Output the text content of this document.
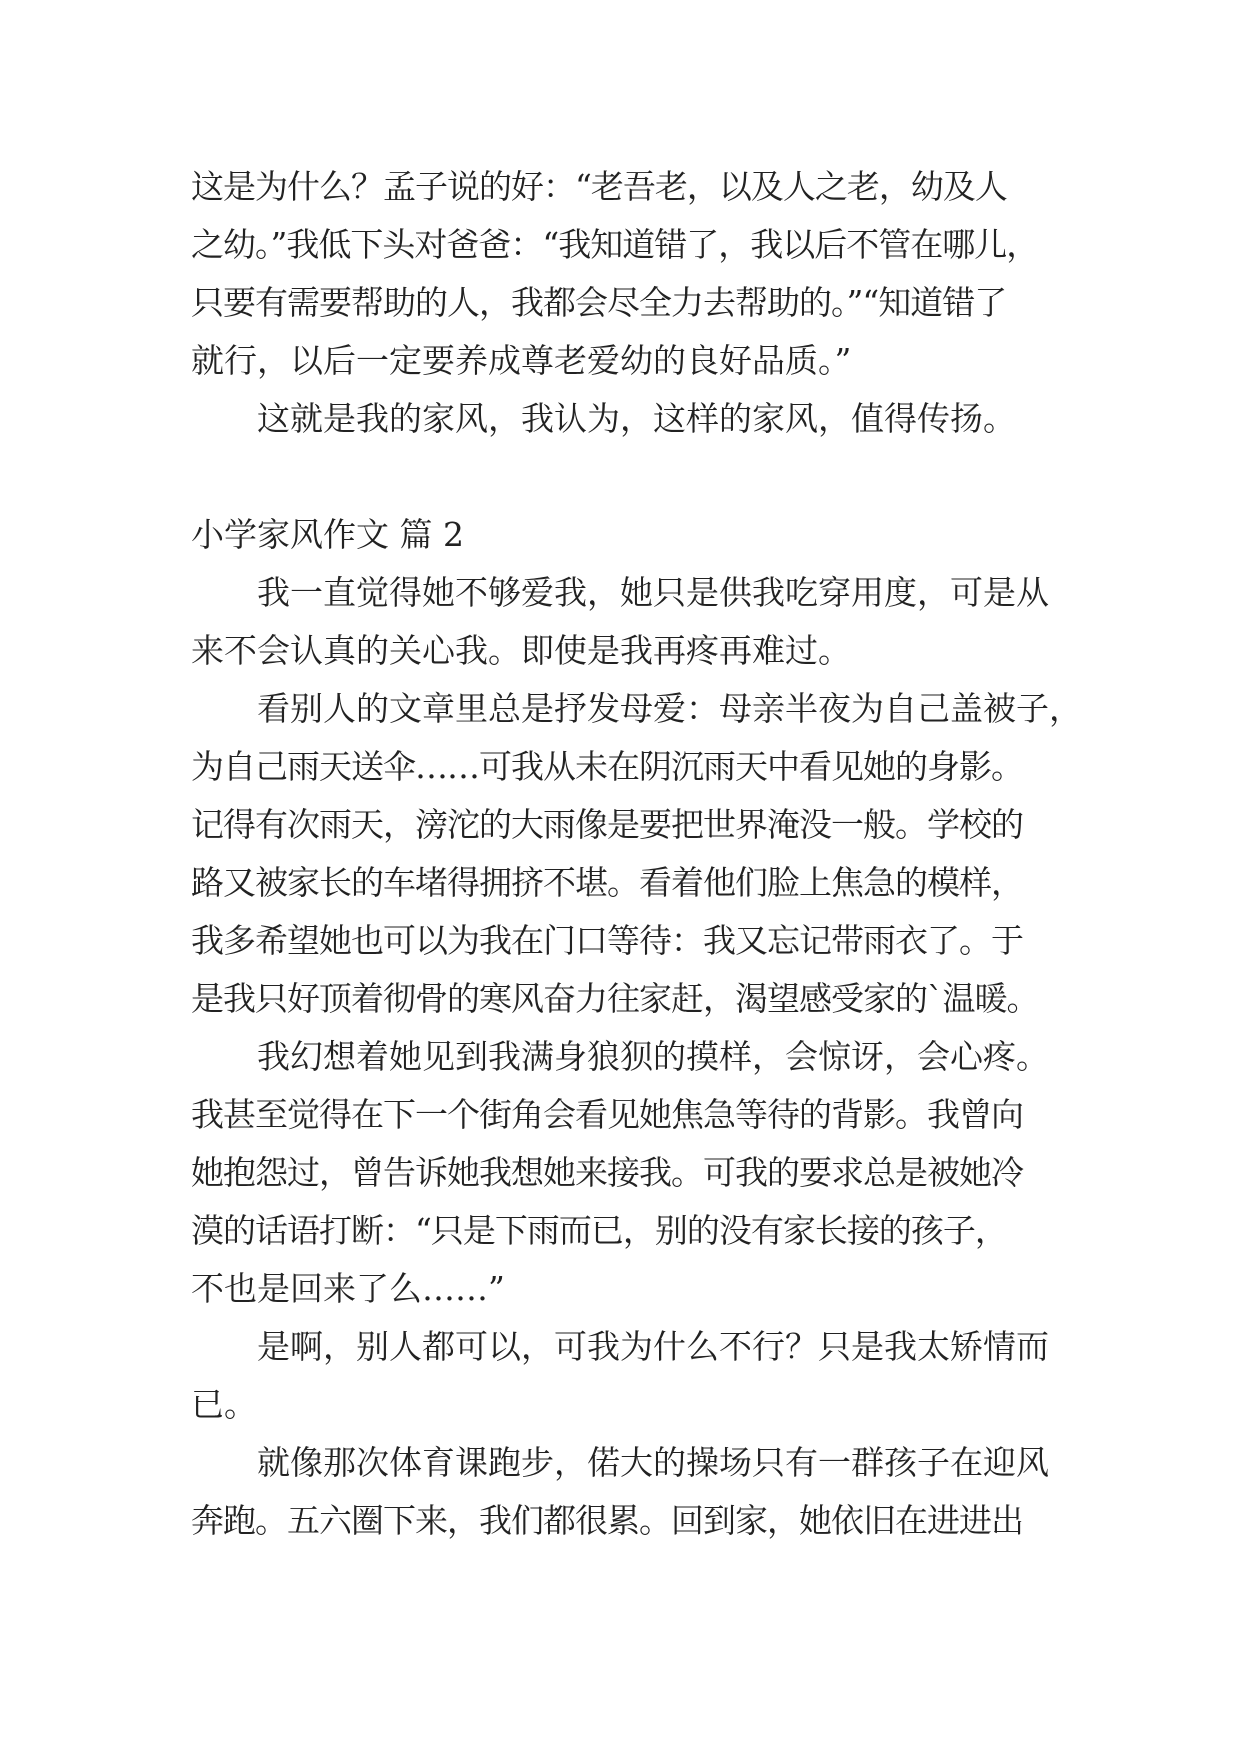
这是为什么？孟子说的好：“老吾老，以及人之老，幼及人
之幼。”我低下头对爸爸：“我知道错了，我以后不管在哪儿，
只要有需要帮助的人，我都会尽全力去帮助的。”“知道错了
就行，以后一定要养成尊老爱幼的良好品质。”
这就是我的家风，我认为，这样的家风，值得传扬。
小学家风作文 篇 2
我一直觉得她不够爱我，她只是供我吃穿用度，可是从
来不会认真的关心我。即使是我再疼再难过。
看别人的文章里总是抒发母爱：母亲半夜为自己盖被子，
为自己雨天送伞……可我从未在阴沉雨天中看见她的身影。
记得有次雨天，滂沱的大雨像是要把世界淹没一般。学校的
路又被家长的车堵得拥挤不堪。看着他们脸上焦急的模样，
我多希望她也可以为我在门口等待：我又忘记带雨衣了。于
是我只好顶着彻骨的寒风奋力往家赶，渴望感受家的`温暖。
我幻想着她见到我满身狼狈的摸样，会惊讶，会心疼。
我甚至觉得在下一个街角会看见她焦急等待的背影。我曾向
她抱怨过，曾告诉她我想她来接我。可我的要求总是被她冷
漠的话语打断：“只是下雨而已，别的没有家长接的孩子，
不也是回来了么……”
是啊，别人都可以，可我为什么不行？只是我太矫情而
已。
就像那次体育课跑步，偌大的操场只有一群孩子在迎风
奔跑。五六圈下来，我们都很累。回到家，她依旧在进进出
